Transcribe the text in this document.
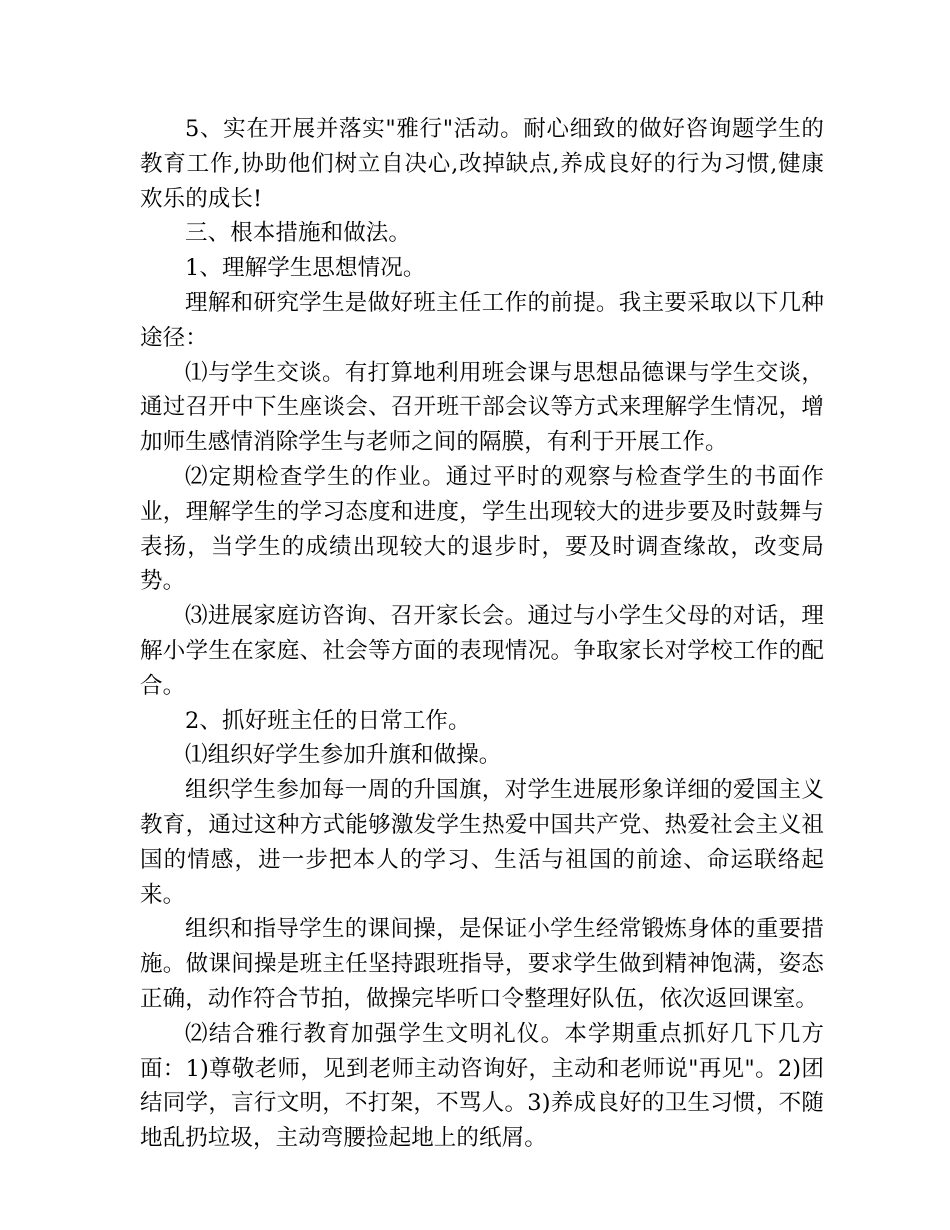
5、实在开展并落实"雅行"活动。耐心细致的做好咨询题学生的教育工作,协助他们树立自决心,改掉缺点,养成良好的行为习惯,健康欢乐的成长!

三、根本措施和做法。

1、理解学生思想情况。

理解和研究学生是做好班主任工作的前提。我主要采取以下几种途径：

⑴与学生交谈。有打算地利用班会课与思想品德课与学生交谈，通过召开中下生座谈会、召开班干部会议等方式来理解学生情况，增加师生感情消除学生与老师之间的隔膜，有利于开展工作。

⑵定期检查学生的作业。通过平时的观察与检查学生的书面作业，理解学生的学习态度和进度，学生出现较大的进步要及时鼓舞与表扬，当学生的成绩出现较大的退步时，要及时调查缘故，改变局势。

⑶进展家庭访咨询、召开家长会。通过与小学生父母的对话，理解小学生在家庭、社会等方面的表现情况。争取家长对学校工作的配合。

2、抓好班主任的日常工作。

⑴组织好学生参加升旗和做操。

组织学生参加每一周的升国旗，对学生进展形象详细的爱国主义教育，通过这种方式能够激发学生热爱中国共产党、热爱社会主义祖国的情感，进一步把本人的学习、生活与祖国的前途、命运联络起来。

组织和指导学生的课间操，是保证小学生经常锻炼身体的重要措施。做课间操是班主任坚持跟班指导，要求学生做到精神饱满，姿态正确，动作符合节拍，做操完毕听口令整理好队伍，依次返回课室。

⑵结合雅行教育加强学生文明礼仪。本学期重点抓好几下几方面：1)尊敬老师，见到老师主动咨询好，主动和老师说"再见"。2)团结同学，言行文明，不打架，不骂人。3)养成良好的卫生习惯，不随地乱扔垃圾，主动弯腰捡起地上的纸屑。
